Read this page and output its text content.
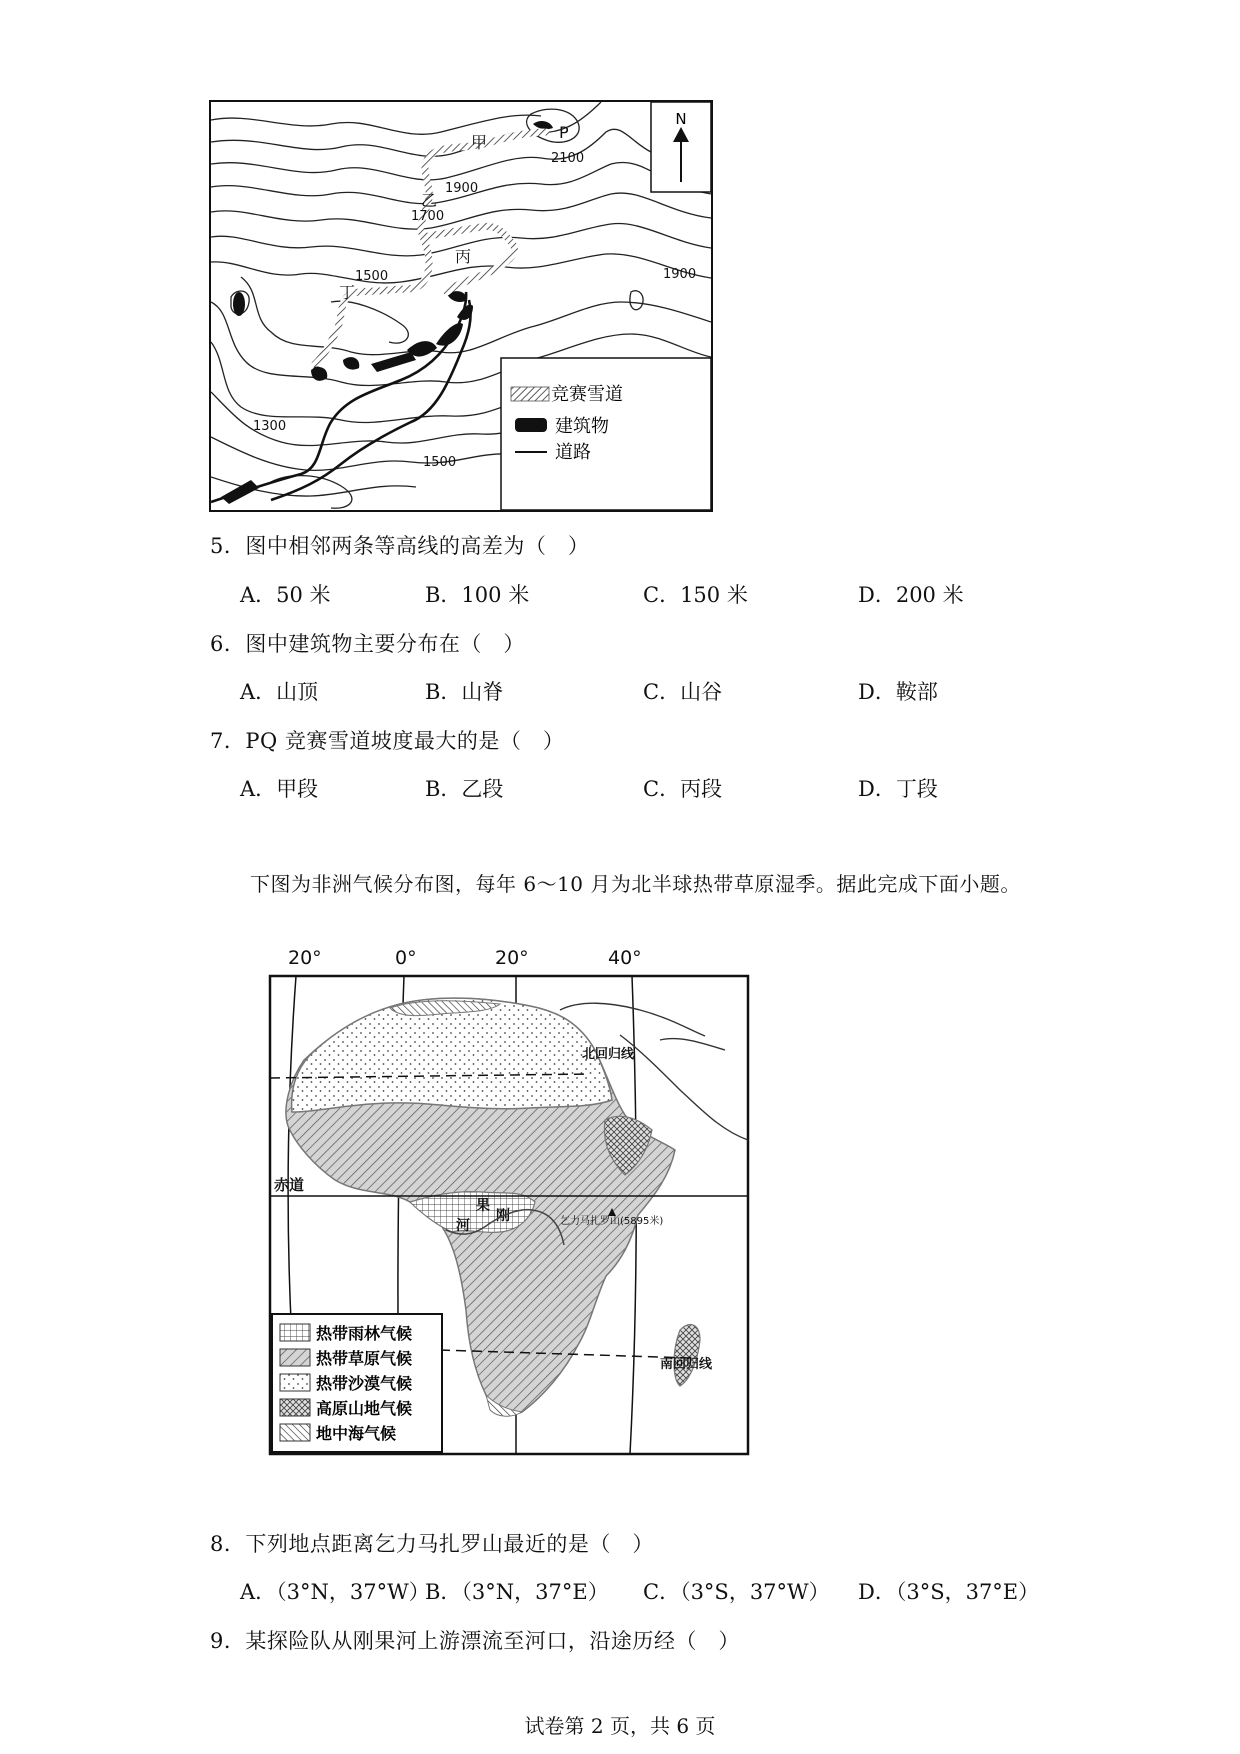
N
2100
1900
1900
1700
1500
1500
1300
甲
乙
丙
丁
P
Q
竞赛雪道
建筑物
道路
5．图中相邻两条等高线的高差为（　）
A．50 米	B．100 米	C．150 米	D．200 米
6．图中建筑物主要分布在（　）
A．山顶	B．山脊	C．山谷	D．鞍部
7．PQ 竞赛雪道坡度最大的是（　）
A．甲段	B．乙段	C．丙段	D．丁段
下图为非洲气候分布图，每年 6～10 月为北半球热带草原湿季。据此完成下面小题。
20°	0°	20°	40°
赤道
北回归线
南回归线
果
刚
河	乞力马扎罗山(5895米)
热带雨林气候
热带草原气候
热带沙漠气候
高原山地气候
地中海气候
8．下列地点距离乞力马扎罗山最近的是（　）
A．（3°N，37°W）
B．（3°N，37°E） C．（3°S，37°W） D．（3°S，37°E）
9．某探险队从刚果河上游漂流至河口，沿途历经（　）
试卷第 2 页，共 6 页
